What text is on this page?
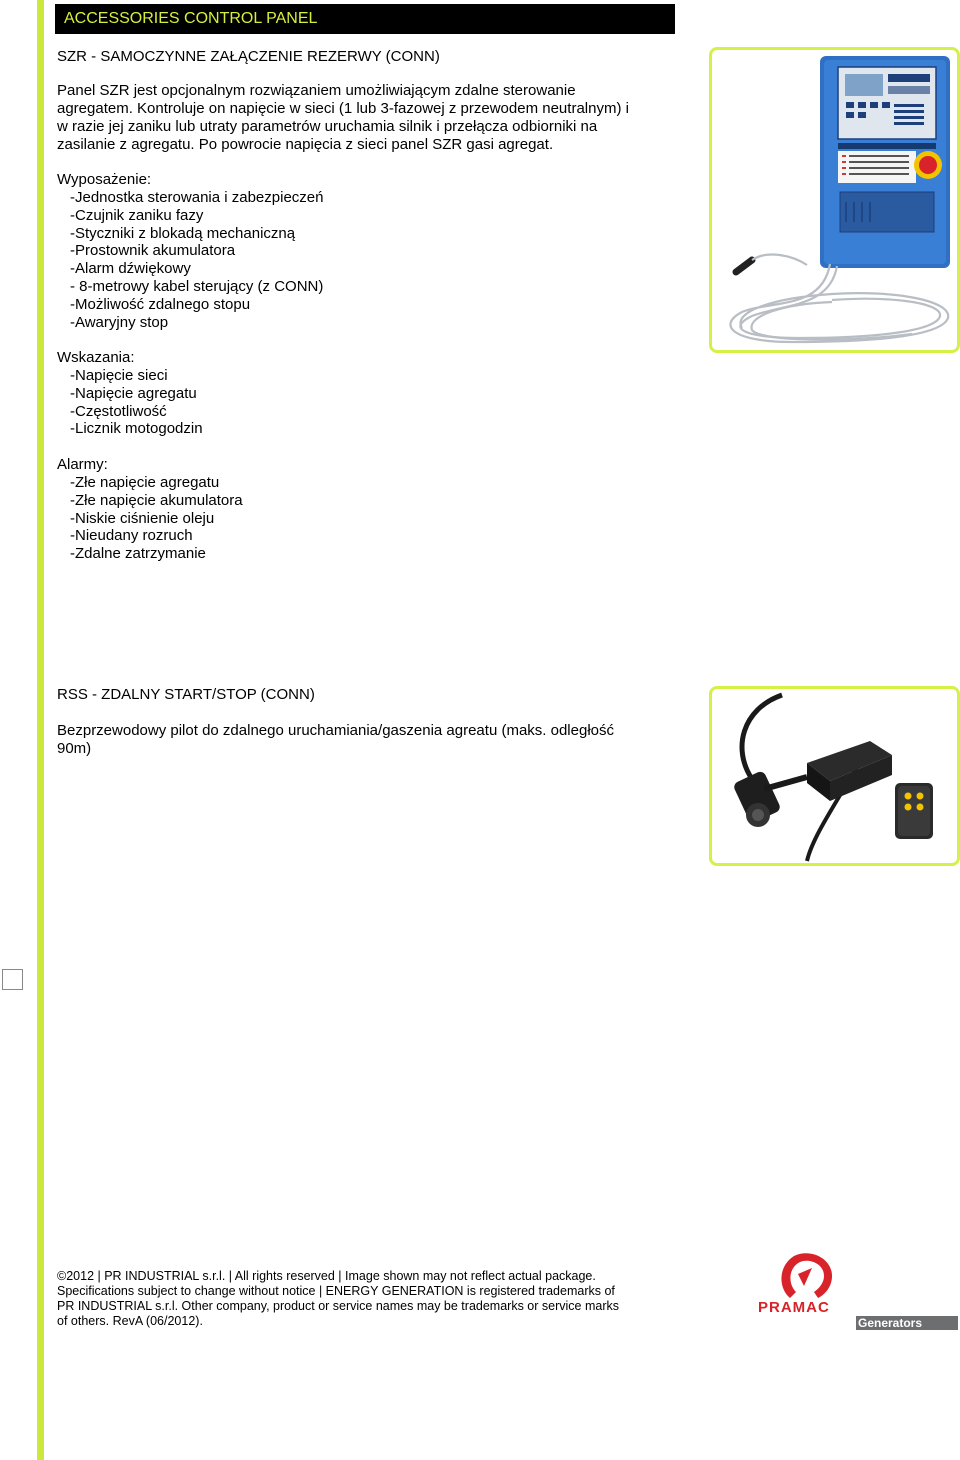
ACCESSORIES CONTROL PANEL
SZR - SAMOCZYNNE ZAŁĄCZENIE REZERWY (CONN)
Panel SZR jest opcjonalnym rozwiązaniem umożliwiającym zdalne sterowanie
agregatem. Kontroluje on napięcie w sieci (1 lub 3-fazowej z przewodem neutralnym) i
w razie jej zaniku lub utraty parametrów uruchamia silnik i przełącza odbiorniki na
zasilanie z agregatu. Po powrocie napięcia z sieci panel SZR gasi agregat.
Wyposażenie:
-Jednostka sterowania i zabezpieczeń
-Czujnik zaniku fazy
-Styczniki z blokadą mechaniczną
-Prostownik akumulatora
-Alarm dźwiękowy
- 8-metrowy kabel sterujący (z CONN)
-Możliwość zdalnego stopu
-Awaryjny stop
Wskazania:
-Napięcie sieci
-Napięcie agregatu
-Częstotliwość
-Licznik motogodzin
Alarmy:
-Złe napięcie agregatu
-Złe napięcie akumulatora
-Niskie ciśnienie oleju
-Nieudany rozruch
-Zdalne zatrzymanie
RSS - ZDALNY START/STOP (CONN)
Bezprzewodowy pilot do zdalnego uruchamiania/gaszenia agreatu (maks. odległość
90m)
©2012 | PR INDUSTRIAL s.r.l. | All rights reserved | Image shown may not reflect actual package.
Specifications subject to change without notice | ENERGY GENERATION is registered trademarks of
PR INDUSTRIAL s.r.l. Other company, product or service names may be trademarks or service marks
of others. RevA (06/2012).
PRAMAC
Generators
